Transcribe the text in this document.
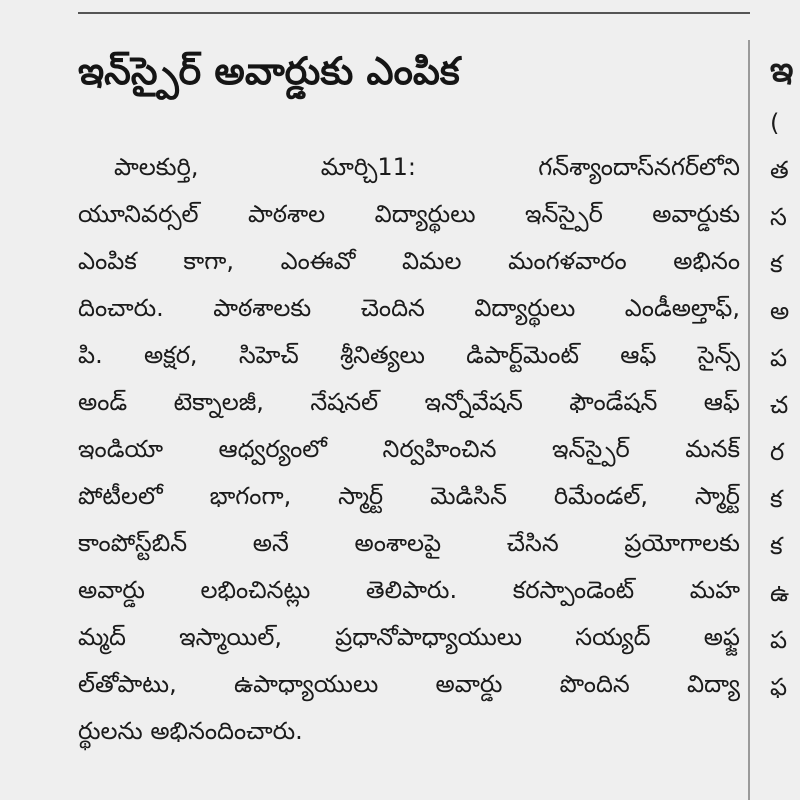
ఇన్‌స్పైర్ అవార్డుకు ఎంపిక
పాలకుర్తి, మార్చి11: గన్‌శ్యాందాస్‌నగర్‌లోని
యూనివర్సల్ పాఠశాల విద్యార్థులు ఇన్‌స్పైర్ అవార్డుకు
ఎంపిక కాగా, ఎంఈవో విమల మంగళవారం అభినం
దించారు. పాఠశాలకు చెందిన విద్యార్థులు ఎండీఅల్తాఫ్,
పి. అక్షర, సిహెచ్ శ్రీనిత్యలు డిపార్ట్‌మెంట్ ఆఫ్ సైన్స్
అండ్ టెక్నాలజీ, నేషనల్ ఇన్నోవేషన్ ఫౌండేషన్ ఆఫ్
ఇండియా ఆధ్వర్యంలో నిర్వహించిన ఇన్‌స్పైర్ మనక్
పోటీలలో భాగంగా, స్మార్ట్ మెడిసిన్ రిమేండల్, స్మార్ట్
కాంపోస్ట్‌బిన్ అనే అంశాలపై చేసిన ప్రయోగాలకు
అవార్డు లభించినట్లు తెలిపారు. కరస్పాండెంట్ మహ
మ్మద్ ఇస్మాయిల్, ప్రధానోపాధ్యాయులు సయ్యద్ అఫ్జ
ల్‌తోపాటు, ఉపాధ్యాయులు అవార్డు పొందిన విద్యా
ర్థులను అభినందించారు.
ఇ
(
త
స
క
అ
ప
చ
ర
క
క
ఉ
ప
ఫ
